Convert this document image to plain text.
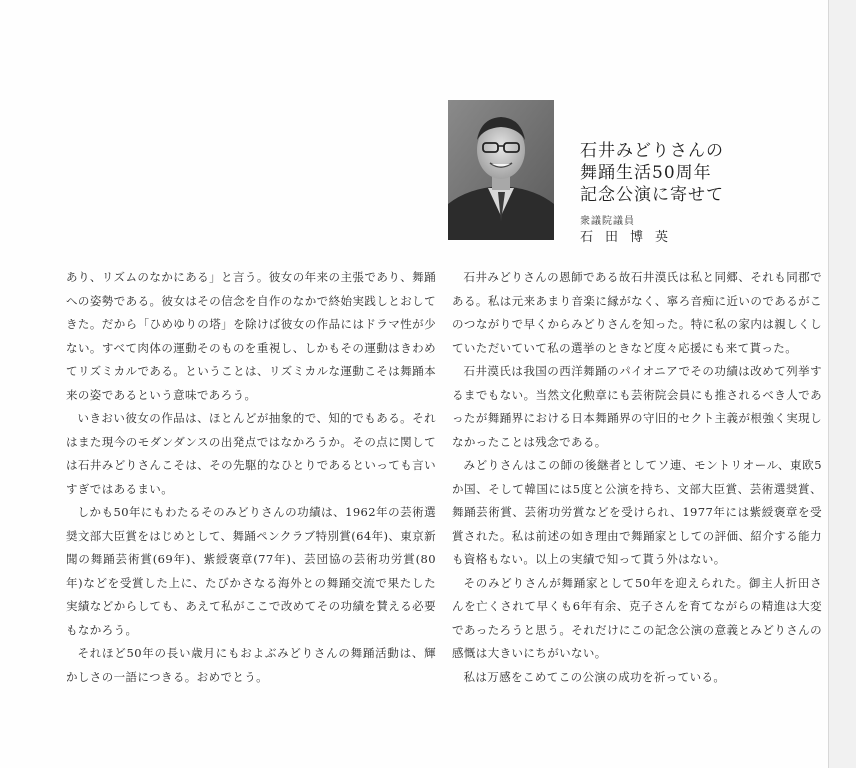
石井みどりさんの
舞踊生活50周年
記念公演に寄せて
衆議院議員
石田博英

あり、リズムのなかにある」と言う。彼女の年来の主張であり、舞踊への姿勢である。彼女はその信念を自作のなかで終始実践しとおしてきた。だから「ひめゆりの塔」を除けば彼女の作品にはドラマ性が少ない。すべて肉体の運動そのものを重視し、しかもその運動はきわめてリズミカルである。ということは、リズミカルな運動こそは舞踊本来の姿であるという意味であろう。

いきおい彼女の作品は、ほとんどが抽象的で、知的でもある。それはまた現今のモダンダンスの出発点ではなかろうか。その点に関しては石井みどりさんこそは、その先駆的なひとりであるといっても言いすぎではあるまい。

しかも50年にもわたるそのみどりさんの功績は、1962年の芸術選奨文部大臣賞をはじめとして、舞踊ペンクラブ特別賞(64年)、東京新聞の舞踊芸術賞(69年)、紫綬褒章(77年)、芸団協の芸術功労賞(80年)などを受賞した上に、たびかさなる海外との舞踊交流で果たした実績などからしても、あえて私がここで改めてその功績を賛える必要もなかろう。

それほど50年の長い歳月にもおよぶみどりさんの舞踊活動は、輝かしさの一語につきる。おめでとう。

石井みどりさんの恩師である故石井漠氏は私と同郷、それも同郡である。私は元来あまり音楽に縁がなく、寧ろ音痴に近いのであるがこのつながりで早くからみどりさんを知った。特に私の家内は親しくしていただいていて私の選挙のときなど度々応援にも来て貰った。

石井漠氏は我国の西洋舞踊のパイオニアでその功績は改めて列挙するまでもない。当然文化勲章にも芸術院会員にも推されるべき人であったが舞踊界における日本舞踊界の守旧的セクト主義が根強く実現しなかったことは残念である。

みどりさんはこの師の後継者としてソ連、モントリオール、東欧5か国、そして韓国には5度と公演を持ち、文部大臣賞、芸術選奨賞、舞踊芸術賞、芸術功労賞などを受けられ、1977年には紫綬褒章を受賞された。私は前述の如き理由で舞踊家としての評価、紹介する能力も資格もない。以上の実績で知って貰う外はない。

そのみどりさんが舞踊家として50年を迎えられた。御主人折田さんを亡くされて早くも6年有余、克子さんを育てながらの精進は大変であったろうと思う。それだけにこの記念公演の意義とみどりさんの感慨は大きいにちがいない。

私は万感をこめてこの公演の成功を祈っている。
